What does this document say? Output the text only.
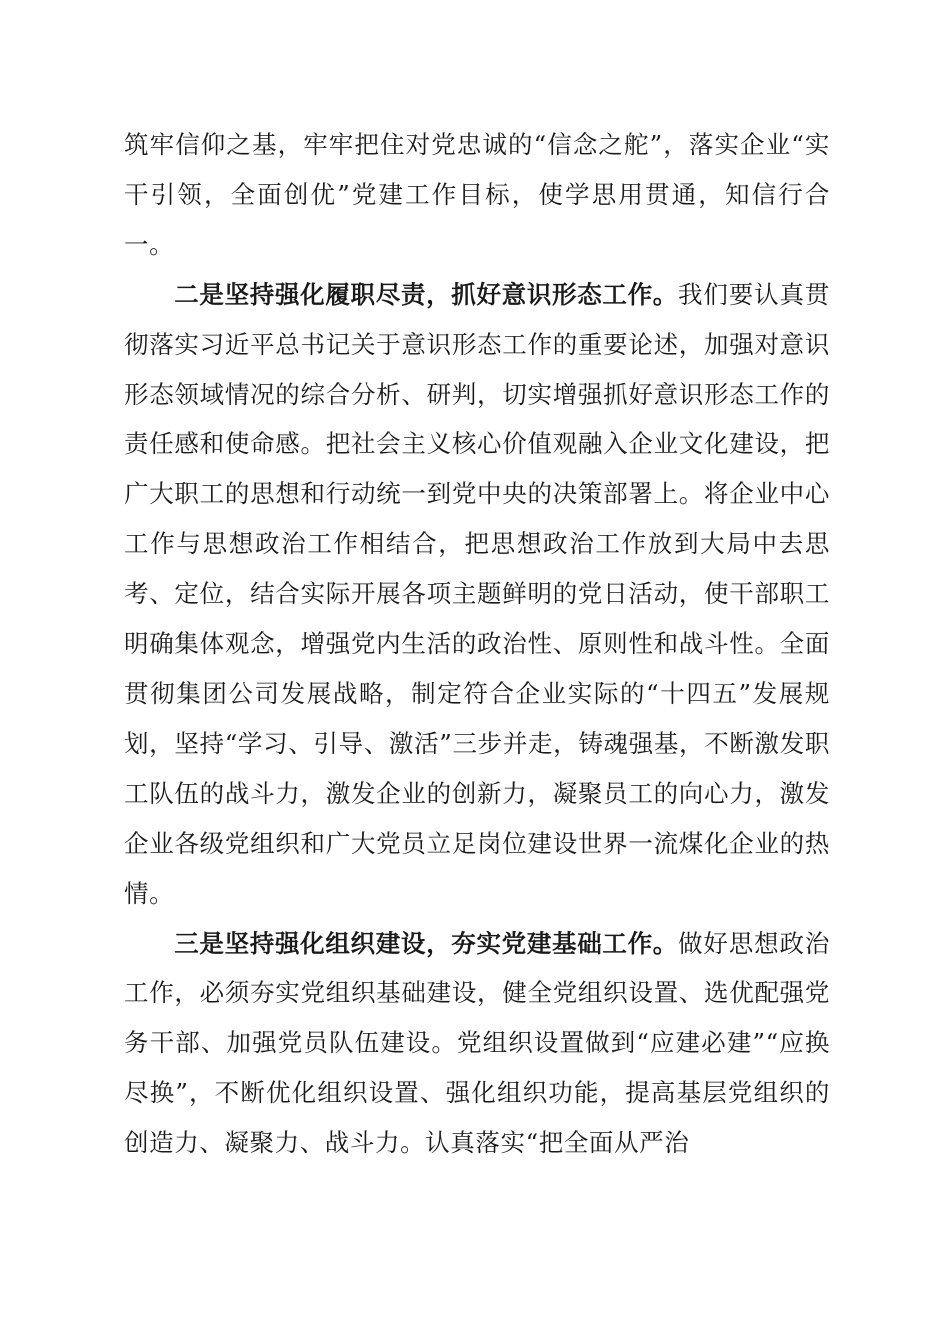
筑牢信仰之基，牢牢把住对党忠诚的“信念之舵”，落实企业“实干引领，全面创优”党建工作目标，使学思用贯通，知信行合一。

二是坚持强化履职尽责，抓好意识形态工作。我们要认真贯彻落实习近平总书记关于意识形态工作的重要论述，加强对意识形态领域情况的综合分析、研判，切实增强抓好意识形态工作的责任感和使命感。把社会主义核心价值观融入企业文化建设，把广大职工的思想和行动统一到党中央的决策部署上。将企业中心工作与思想政治工作相结合，把思想政治工作放到大局中去思考、定位，结合实际开展各项主题鲜明的党日活动，使干部职工明确集体观念，增强党内生活的政治性、原则性和战斗性。全面贯彻集团公司发展战略，制定符合企业实际的“十四五”发展规划，坚持“学习、引导、激活”三步并走，铸魂强基，不断激发职工队伍的战斗力，激发企业的创新力，凝聚员工的向心力，激发企业各级党组织和广大党员立足岗位建设世界一流煤化企业的热情。

三是坚持强化组织建设，夯实党建基础工作。做好思想政治工作，必须夯实党组织基础建设，健全党组织设置、选优配强党务干部、加强党员队伍建设。党组织设置做到“应建必建”“应换尽换”，不断优化组织设置、强化组织功能，提高基层党组织的创造力、凝聚力、战斗力。认真落实“把全面从严治
